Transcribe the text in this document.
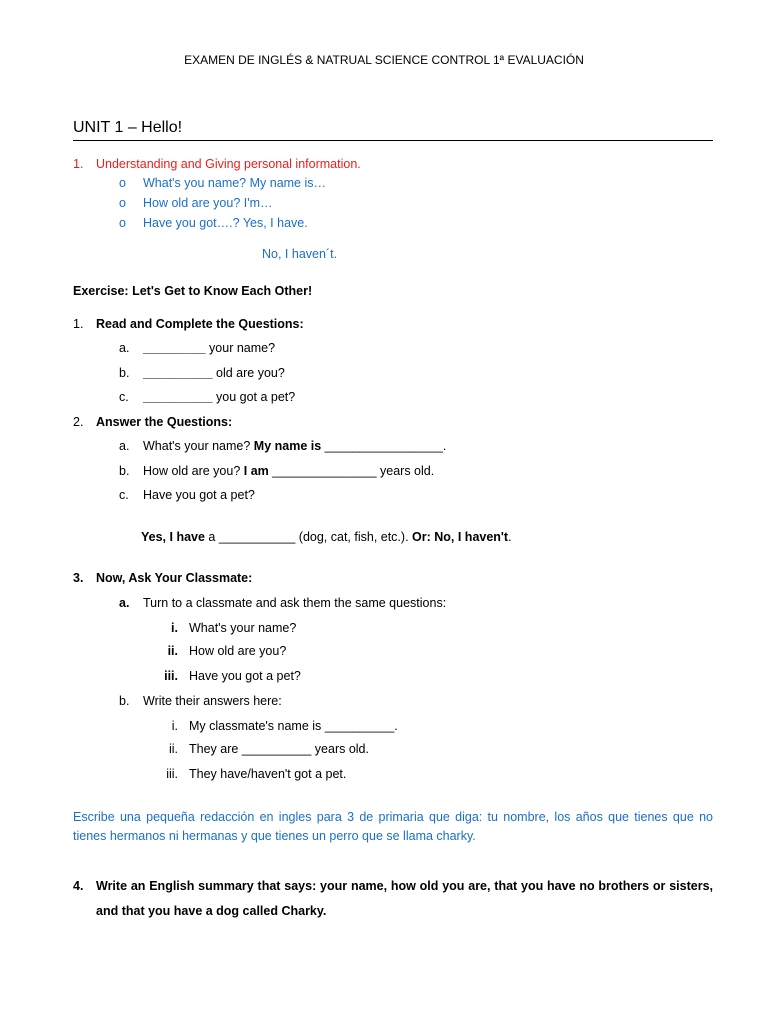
EXAMEN DE INGLÉS & NATRUAL SCIENCE CONTROL 1ª EVALUACIÓN
UNIT 1 – Hello!
1. Understanding and Giving personal information.
o What's you name? My name is…
o How old are you? I'm…
o Have you got….? Yes, I have.
No, I haven´t.
Exercise: Let's Get to Know Each Other!
1. Read and Complete the Questions:
a. _________ your name?
b. __________ old are you?
c. __________ you got a pet?
2. Answer the Questions:
a. What's your name? My name is _________________.
b. How old are you? I am _______________ years old.
c. Have you got a pet?
Yes, I have a ___________ (dog, cat, fish, etc.). Or: No, I haven't.
3. Now, Ask Your Classmate:
a. Turn to a classmate and ask them the same questions:
i. What's your name?
ii. How old are you?
iii. Have you got a pet?
b. Write their answers here:
i. My classmate's name is __________.
ii. They are __________ years old.
iii. They have/haven't got a pet.
Escribe una pequeña redacción en ingles para 3 de primaria que diga: tu nombre, los años que tienes que no tienes hermanos ni hermanas y que tienes un perro que se llama charky.
4. Write an English summary that says: your name, how old you are, that you have no brothers or sisters, and that you have a dog called Charky.
